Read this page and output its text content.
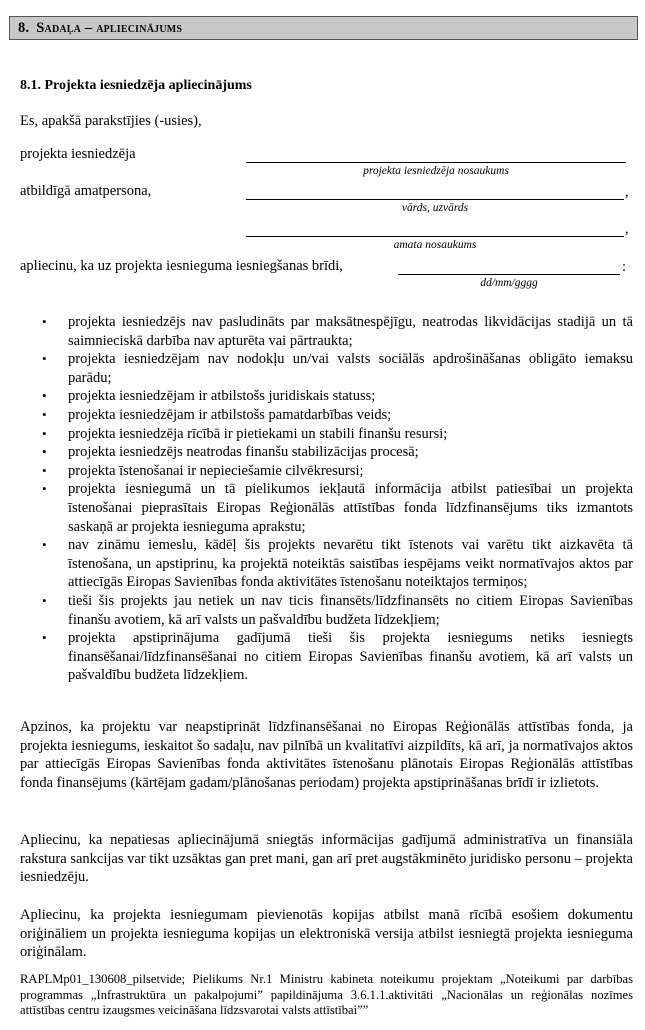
8. Sadaļa – apliecinājums
8.1. Projekta iesniedzēja apliecinājums
Es, apakšā parakstījies (-usies),
projekta iesniedzēja
projekta iesniedzēja nosaukums
atbildīgā amatpersona,	,
vārds, uzvārds
,
amata nosaukums
apliecinu, ka uz projekta iesnieguma iesniegšanas brīdi,	:
dd/mm/gggg
• projekta iesniedzējs nav pasludināts par maksātnespējīgu, neatrodas likvidācijas stadijā un tā saimnieciskā darbība nav apturēta vai pārtraukta;
• projekta iesniedzējam nav nodokļu un/vai valsts sociālās apdrošināšanas obligāto iemaksu parādu;
• projekta iesniedzējam ir atbilstošs juridiskais statuss;
• projekta iesniedzējam ir atbilstošs pamatdarbības veids;
• projekta iesniedzēja rīcībā ir pietiekami un stabili finanšu resursi;
• projekta iesniedzējs neatrodas finanšu stabilizācijas procesā;
• projekta īstenošanai ir nepieciešamie cilvēkresursi;
• projekta iesniegumā un tā pielikumos iekļautā informācija atbilst patiesībai un projekta īstenošanai pieprasītais Eiropas Reģionālās attīstības fonda līdzfinansējums tiks izmantots saskaņā ar projekta iesnieguma aprakstu;
• nav zināmu iemeslu, kādēļ šis projekts nevarētu tikt īstenots vai varētu tikt aizkavēta tā īstenošana, un apstiprinu, ka projektā noteiktās saistības iespējams veikt normatīvajos aktos par attiecīgās Eiropas Savienības fonda aktivitātes īstenošanu noteiktajos termiņos;
• tieši šis projekts jau netiek un nav ticis finansēts/līdzfinansēts no citiem Eiropas Savienības finanšu avotiem, kā arī valsts un pašvaldību budžeta līdzekļiem;
• projekta apstiprinājuma gadījumā tieši šis projekta iesniegums netiks iesniegts finansēšanai/līdzfinansēšanai no citiem Eiropas Savienības finanšu avotiem, kā arī valsts un pašvaldību budžeta līdzekļiem.

Apzinos, ka projektu var neapstiprināt līdzfinansēšanai no Eiropas Reģionālās attīstības fonda, ja projekta iesniegums, ieskaitot šo sadaļu, nav pilnībā un kvalitatīvi aizpildīts, kā arī, ja normatīvajos aktos par attiecīgās Eiropas Savienības fonda aktivitātes īstenošanu plānotais Eiropas Reģionālās attīstības fonda finansējums (kārtējam gadam/plānošanas periodam) projekta apstiprināšanas brīdī ir izlietots.

Apliecinu, ka nepatiesas apliecinājumā sniegtās informācijas gadījumā administratīva un finansiāla rakstura sankcijas var tikt uzsāktas gan pret mani, gan arī pret augstākminēto juridisko personu – projekta iesniedzēju.

Apliecinu, ka projekta iesniegumam pievienotās kopijas atbilst manā rīcībā esošiem dokumentu oriģināliem un projekta iesnieguma kopijas un elektroniskā versija atbilst iesniegtā projekta iesnieguma oriģinālam.

RAPLMp01_130608_pilsetvide; Pielikums Nr.1 Ministru kabineta noteikumu projektam „Noteikumi par darbības programmas „Infrastruktūra un pakalpojumi” papildinājuma 3.6.1.1.aktivitāti „Nacionālas un reģionālas nozīmes attīstības centru izaugsmes veicināšana līdzsvarotai valsts attīstībai””
